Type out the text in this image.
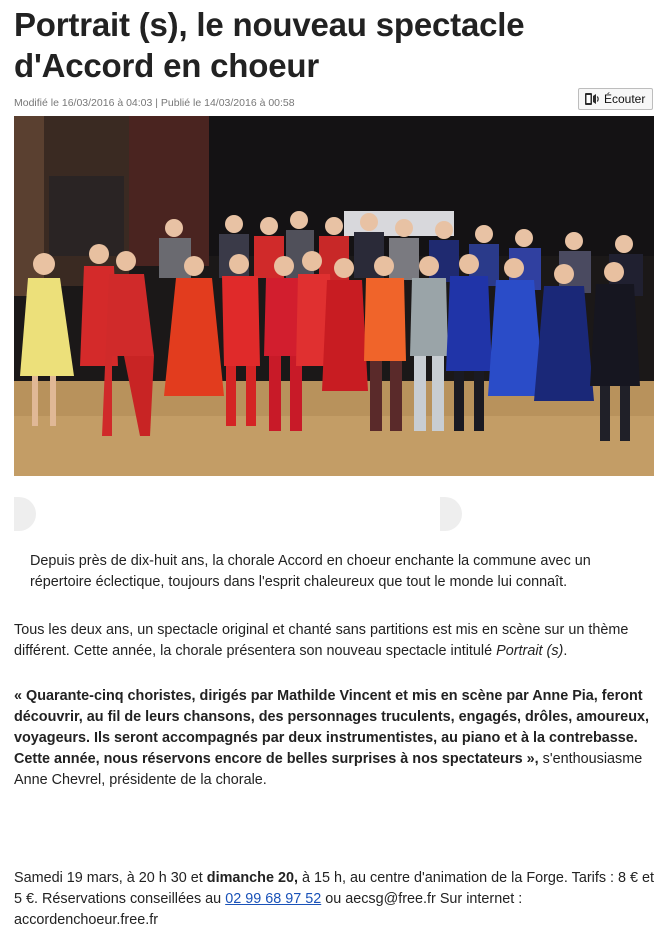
Portrait (s), le nouveau spectacle d'Accord en choeur
Modifié le 16/03/2016 à 04:03 | Publié le 14/03/2016 à 00:58	Écouter

Depuis près de dix-huit ans, la chorale Accord en choeur enchante la commune avec un répertoire éclectique, toujours dans l'esprit chaleureux que tout le monde lui connaît.

Tous les deux ans, un spectacle original et chanté sans partitions est mis en scène sur un thème différent. Cette année, la chorale présentera son nouveau spectacle intitulé Portrait (s).

« Quarante-cinq choristes, dirigés par Mathilde Vincent et mis en scène par Anne Pia, feront découvrir, au fil de leurs chansons, des personnages truculents, engagés, drôles, amoureux, voyageurs. Ils seront accompagnés par deux instrumentistes, au piano et à la contrebasse. Cette année, nous réservons encore de belles surprises à nos spectateurs », s'enthousiasme Anne Chevrel, présidente de la chorale.

Samedi 19 mars, à 20 h 30 et dimanche 20, à 15 h, au centre d'animation de la Forge. Tarifs : 8 € et 5 €. Réservations conseillées au 02 99 68 97 52 ou aecsg@free.fr Sur internet : accordenchoeur.free.fr
